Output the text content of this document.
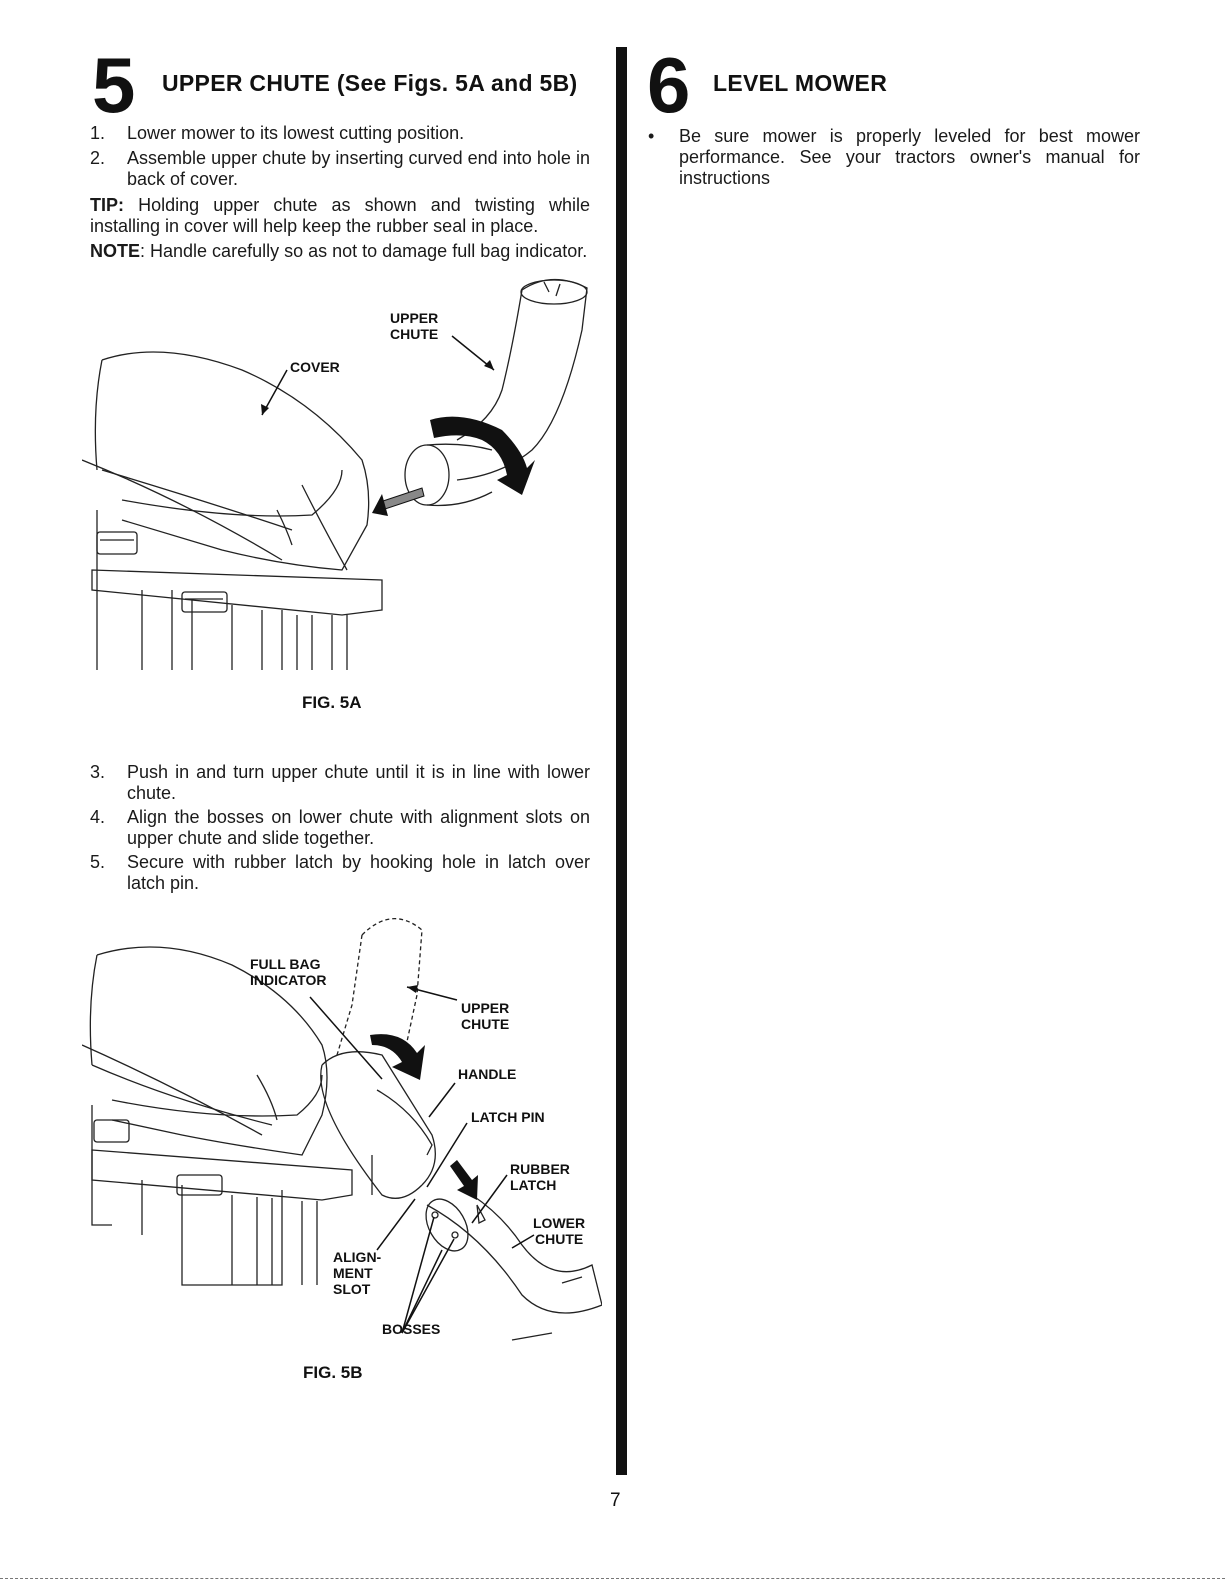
5 UPPER CHUTE (See Figs. 5A and 5B)
1. Lower mower to its lowest cutting position.
2. Assemble upper chute by inserting curved end into hole in back of cover.
TIP: Holding upper chute as shown and twisting while installing in cover will help keep the rubber seal in place.
NOTE: Handle carefully so as not to damage full bag indicator.
UPPER
CHUTE
COVER
FIG. 5A
3. Push in and turn upper chute until it is in line with lower chute.
4. Align the bosses on lower chute with alignment slots on upper chute and slide together.
5. Secure with rubber latch by hooking hole in latch over latch pin.
FULL BAG
INDICATOR
UPPER
CHUTE
HANDLE
LATCH PIN
RUBBER
LATCH
LOWER
CHUTE
ALIGN-
MENT
SLOT
BOSSES
FIG. 5B
6 LEVEL MOWER
• Be sure mower is properly leveled for best mower performance. See your tractors owner's manual for instructions
7
